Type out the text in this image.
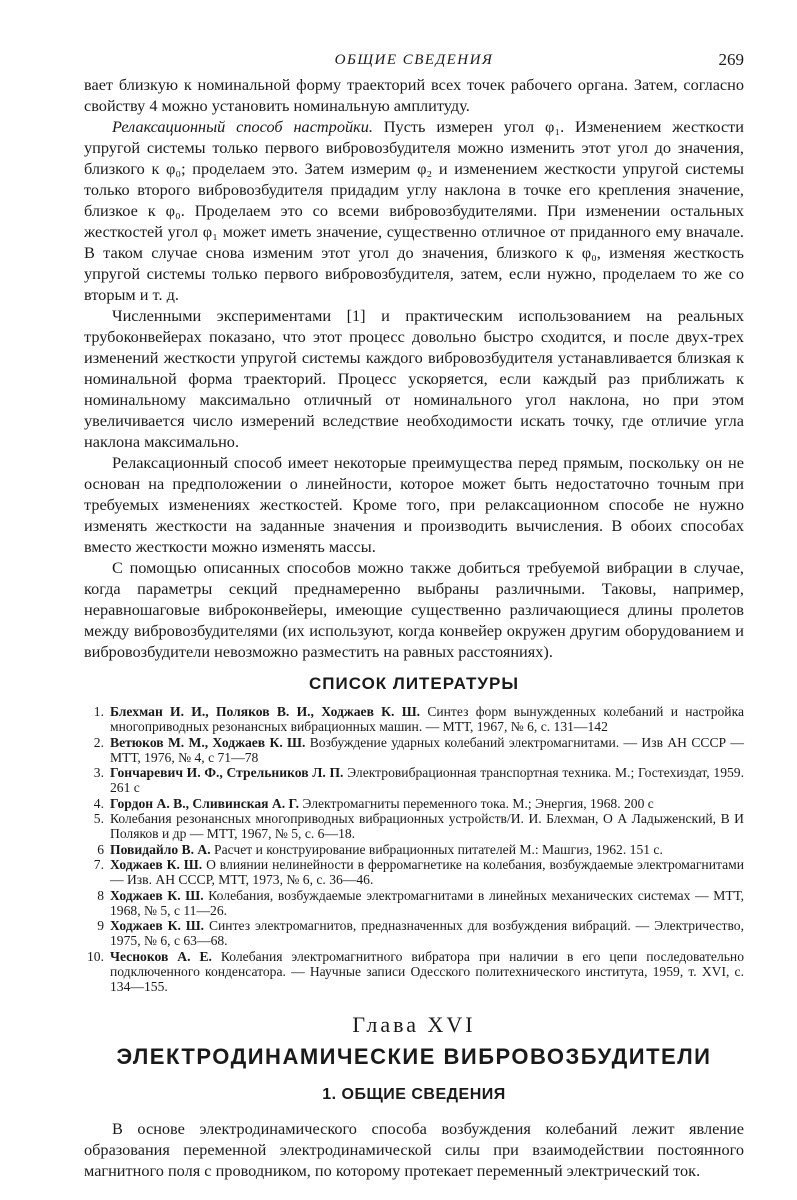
ОБЩИЕ СВЕДЕНИЯ	269

вает близкую к номинальной форму траекторий всех точек рабочего органа. Затем, согласно свойству 4 можно установить номинальную амплитуду.

Релаксационный способ настройки. Пусть измерен угол φ₁. Изменением жесткости упругой системы только первого вибровозбудителя можно изменить этот угол до значения, близкого к φ₀; проделаем это. Затем измерим φ₂ и изменением жесткости упругой системы только второго вибровозбудителя придадим углу наклона в точке его крепления значение, близкое к φ₀. Проделаем это со всеми вибровозбудителями. При изменении остальных жесткостей угол φ₁ может иметь значение, существенно отличное от приданного ему вначале. В таком случае снова изменим этот угол до значения, близкого к φ₀, изменяя жесткость упругой системы только первого вибровозбудителя, затем, если нужно, проделаем то же со вторым и т. д.

Численными экспериментами [1] и практическим использованием на реальных трубоконвейерах показано, что этот процесс довольно быстро сходится, и после двух-трех изменений жесткости упругой системы каждого вибровозбудителя устанавливается близкая к номинальной форма траекторий. Процесс ускоряется, если каждый раз приближать к номинальному максимально отличный от номинального угол наклона, но при этом увеличивается число измерений вследствие необходимости искать точку, где отличие угла наклона максимально.

Релаксационный способ имеет некоторые преимущества перед прямым, поскольку он не основан на предположении о линейности, которое может быть недостаточно точным при требуемых изменениях жесткостей. Кроме того, при релаксационном способе не нужно изменять жесткости на заданные значения и производить вычисления. В обоих способах вместо жесткости можно изменять массы.

С помощью описанных способов можно также добиться требуемой вибрации в случае, когда параметры секций преднамеренно выбраны различными. Таковы, например, неравношаговые виброконвейеры, имеющие существенно различающиеся длины пролетов между вибровозбудителями (их используют, когда конвейер окружен другим оборудованием и вибровозбудители невозможно разместить на равных расстояниях).

СПИСОК ЛИТЕРАТУРЫ
1. Блехман И. И., Поляков В. И., Ходжаев К. Ш. Синтез форм вынужденных колебаний и настройка многоприводных резонансных вибрационных машин. — МТТ, 1967, № 6, с. 131—142
2. Ветюков М. М., Ходжаев К. Ш. Возбуждение ударных колебаний электромагнитами. — Изв АН СССР — МТТ, 1976, № 4, с 71—78
3. Гончаревич И. Ф., Стрельников Л. П. Электровибрационная транспортная техника. М.; Гостехиздат, 1959. 261 с
4. Гордон А. В., Сливинская А. Г. Электромагниты переменного тока. М.; Энергия, 1968. 200 с
5. Колебания резонансных многоприводных вибрационных устройств/И. И. Блехман, О А Ладыженский, В И Поляков и др — МТТ, 1967, № 5, с. 6—18.
6 Повидайло В. А. Расчет и конструирование вибрационных питателей М.: Машгиз, 1962. 151 с.
7. Ходжаев К. Ш. О влиянии нелинейности в ферромагнетике на колебания, возбуждаемые электромагнитами — Изв. АН СССР, МТТ, 1973, № 6, с. 36—46.
8 Ходжаев К. Ш. Колебания, возбуждаемые электромагнитами в линейных механических системах — МТТ, 1968, № 5, с 11—26.
9 Ходжаев К. Ш. Синтез электромагнитов, предназначенных для возбуждения вибраций. — Электричество, 1975, № 6, с 63—68.
10. Чесноков А. Е. Колебания электромагнитного вибратора при наличии в его цепи последовательно подключенного конденсатора. — Научные записи Одесского политехнического института, 1959, т. XVI, с. 134—155.
Глава XVI
ЭЛЕКТРОДИНАМИЧЕСКИЕ ВИБРОВОЗБУДИТЕЛИ
1. ОБЩИЕ СВЕДЕНИЯ

В основе электродинамического способа возбуждения колебаний лежит явление образования переменной электродинамической силы при взаимодействии постоянного магнитного поля с проводником, по которому протекает переменный электрический ток.
